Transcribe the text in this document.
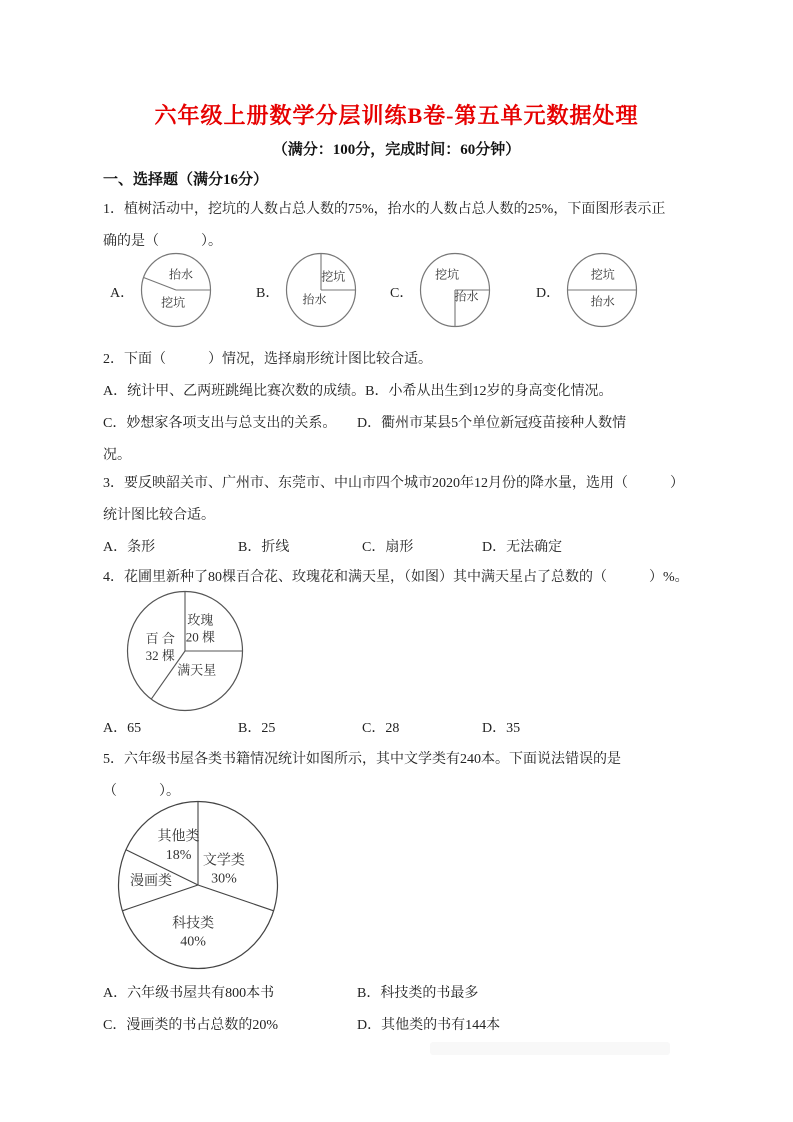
六年级上册数学分层训练B卷-第五单元数据处理
（满分：100分，完成时间：60分钟）
一、选择题（满分16分）
1．植树活动中，挖坑的人数占总人数的75%，抬水的人数占总人数的25%，下面图形表示正
确的是（　　　）。
A．
抬水
挖坑
B．
挖坑
抬水	C．
挖坑
抬水	D．
挖坑
抬水
2．下面（　　　）情况，选择扇形统计图比较合适。
A．统计甲、乙两班跳绳比赛次数的成绩。 B．小希从出生到12岁的身高变化情况。
C．妙想家各项支出与总支出的关系。	D．衢州市某县5个单位新冠疫苗接种人数情
况。
3．要反映韶关市、广州市、东莞市、中山市四个城市2020年12月份的降水量，选用（　　　）
统计图比较合适。
A．条形	B．折线	C．扇形	D．无法确定
4．花圃里新种了80棵百合花、玫瑰花和满天星，（如图）其中满天星占了总数的（　　　）%。
百 合
32 棵
玫瑰
20 棵
满天星
A．65	B．25	C．28	D．35
5．六年级书屋各类书籍情况统计如图所示，其中文学类有240本。下面说法错误的是
（　　　）。
其他类
18% 文学类
30%
漫画类
科技类
40%
A．六年级书屋共有800本书	B．科技类的书最多
C．漫画类的书占总数的20%	D．其他类的书有144本
